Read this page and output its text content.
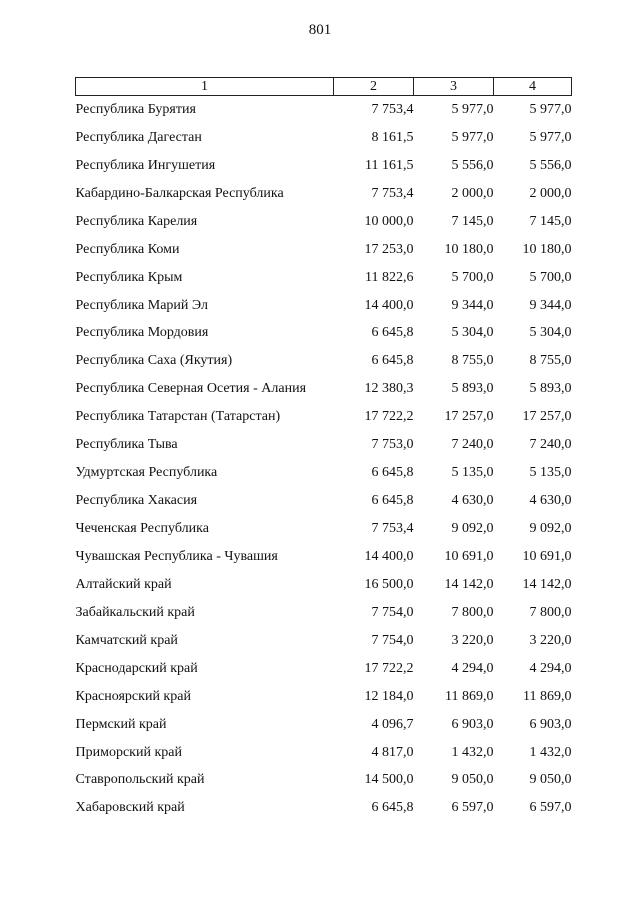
801
1	2	3	4
Республика Бурятия	7 753,4	5 977,0	5 977,0
Республика Дагестан	8 161,5	5 977,0	5 977,0
Республика Ингушетия	11 161,5	5 556,0	5 556,0
Кабардино-Балкарская Республика	7 753,4	2 000,0	2 000,0
Республика Карелия	10 000,0	7 145,0	7 145,0
Республика Коми	17 253,0	10 180,0	10 180,0
Республика Крым	11 822,6	5 700,0	5 700,0
Республика Марий Эл	14 400,0	9 344,0	9 344,0
Республика Мордовия	6 645,8	5 304,0	5 304,0
Республика Саха (Якутия)	6 645,8	8 755,0	8 755,0
Республика Северная Осетия - Алания	12 380,3	5 893,0	5 893,0
Республика Татарстан (Татарстан)	17 722,2	17 257,0	17 257,0
Республика Тыва	7 753,0	7 240,0	7 240,0
Удмуртская Республика	6 645,8	5 135,0	5 135,0
Республика Хакасия	6 645,8	4 630,0	4 630,0
Чеченская Республика	7 753,4	9 092,0	9 092,0
Чувашская Республика - Чувашия	14 400,0	10 691,0	10 691,0
Алтайский край	16 500,0	14 142,0	14 142,0
Забайкальский край	7 754,0	7 800,0	7 800,0
Камчатский край	7 754,0	3 220,0	3 220,0
Краснодарский край	17 722,2	4 294,0	4 294,0
Красноярский край	12 184,0	11 869,0	11 869,0
Пермский край	4 096,7	6 903,0	6 903,0
Приморский край	4 817,0	1 432,0	1 432,0
Ставропольский край	14 500,0	9 050,0	9 050,0
Хабаровский край	6 645,8	6 597,0	6 597,0
